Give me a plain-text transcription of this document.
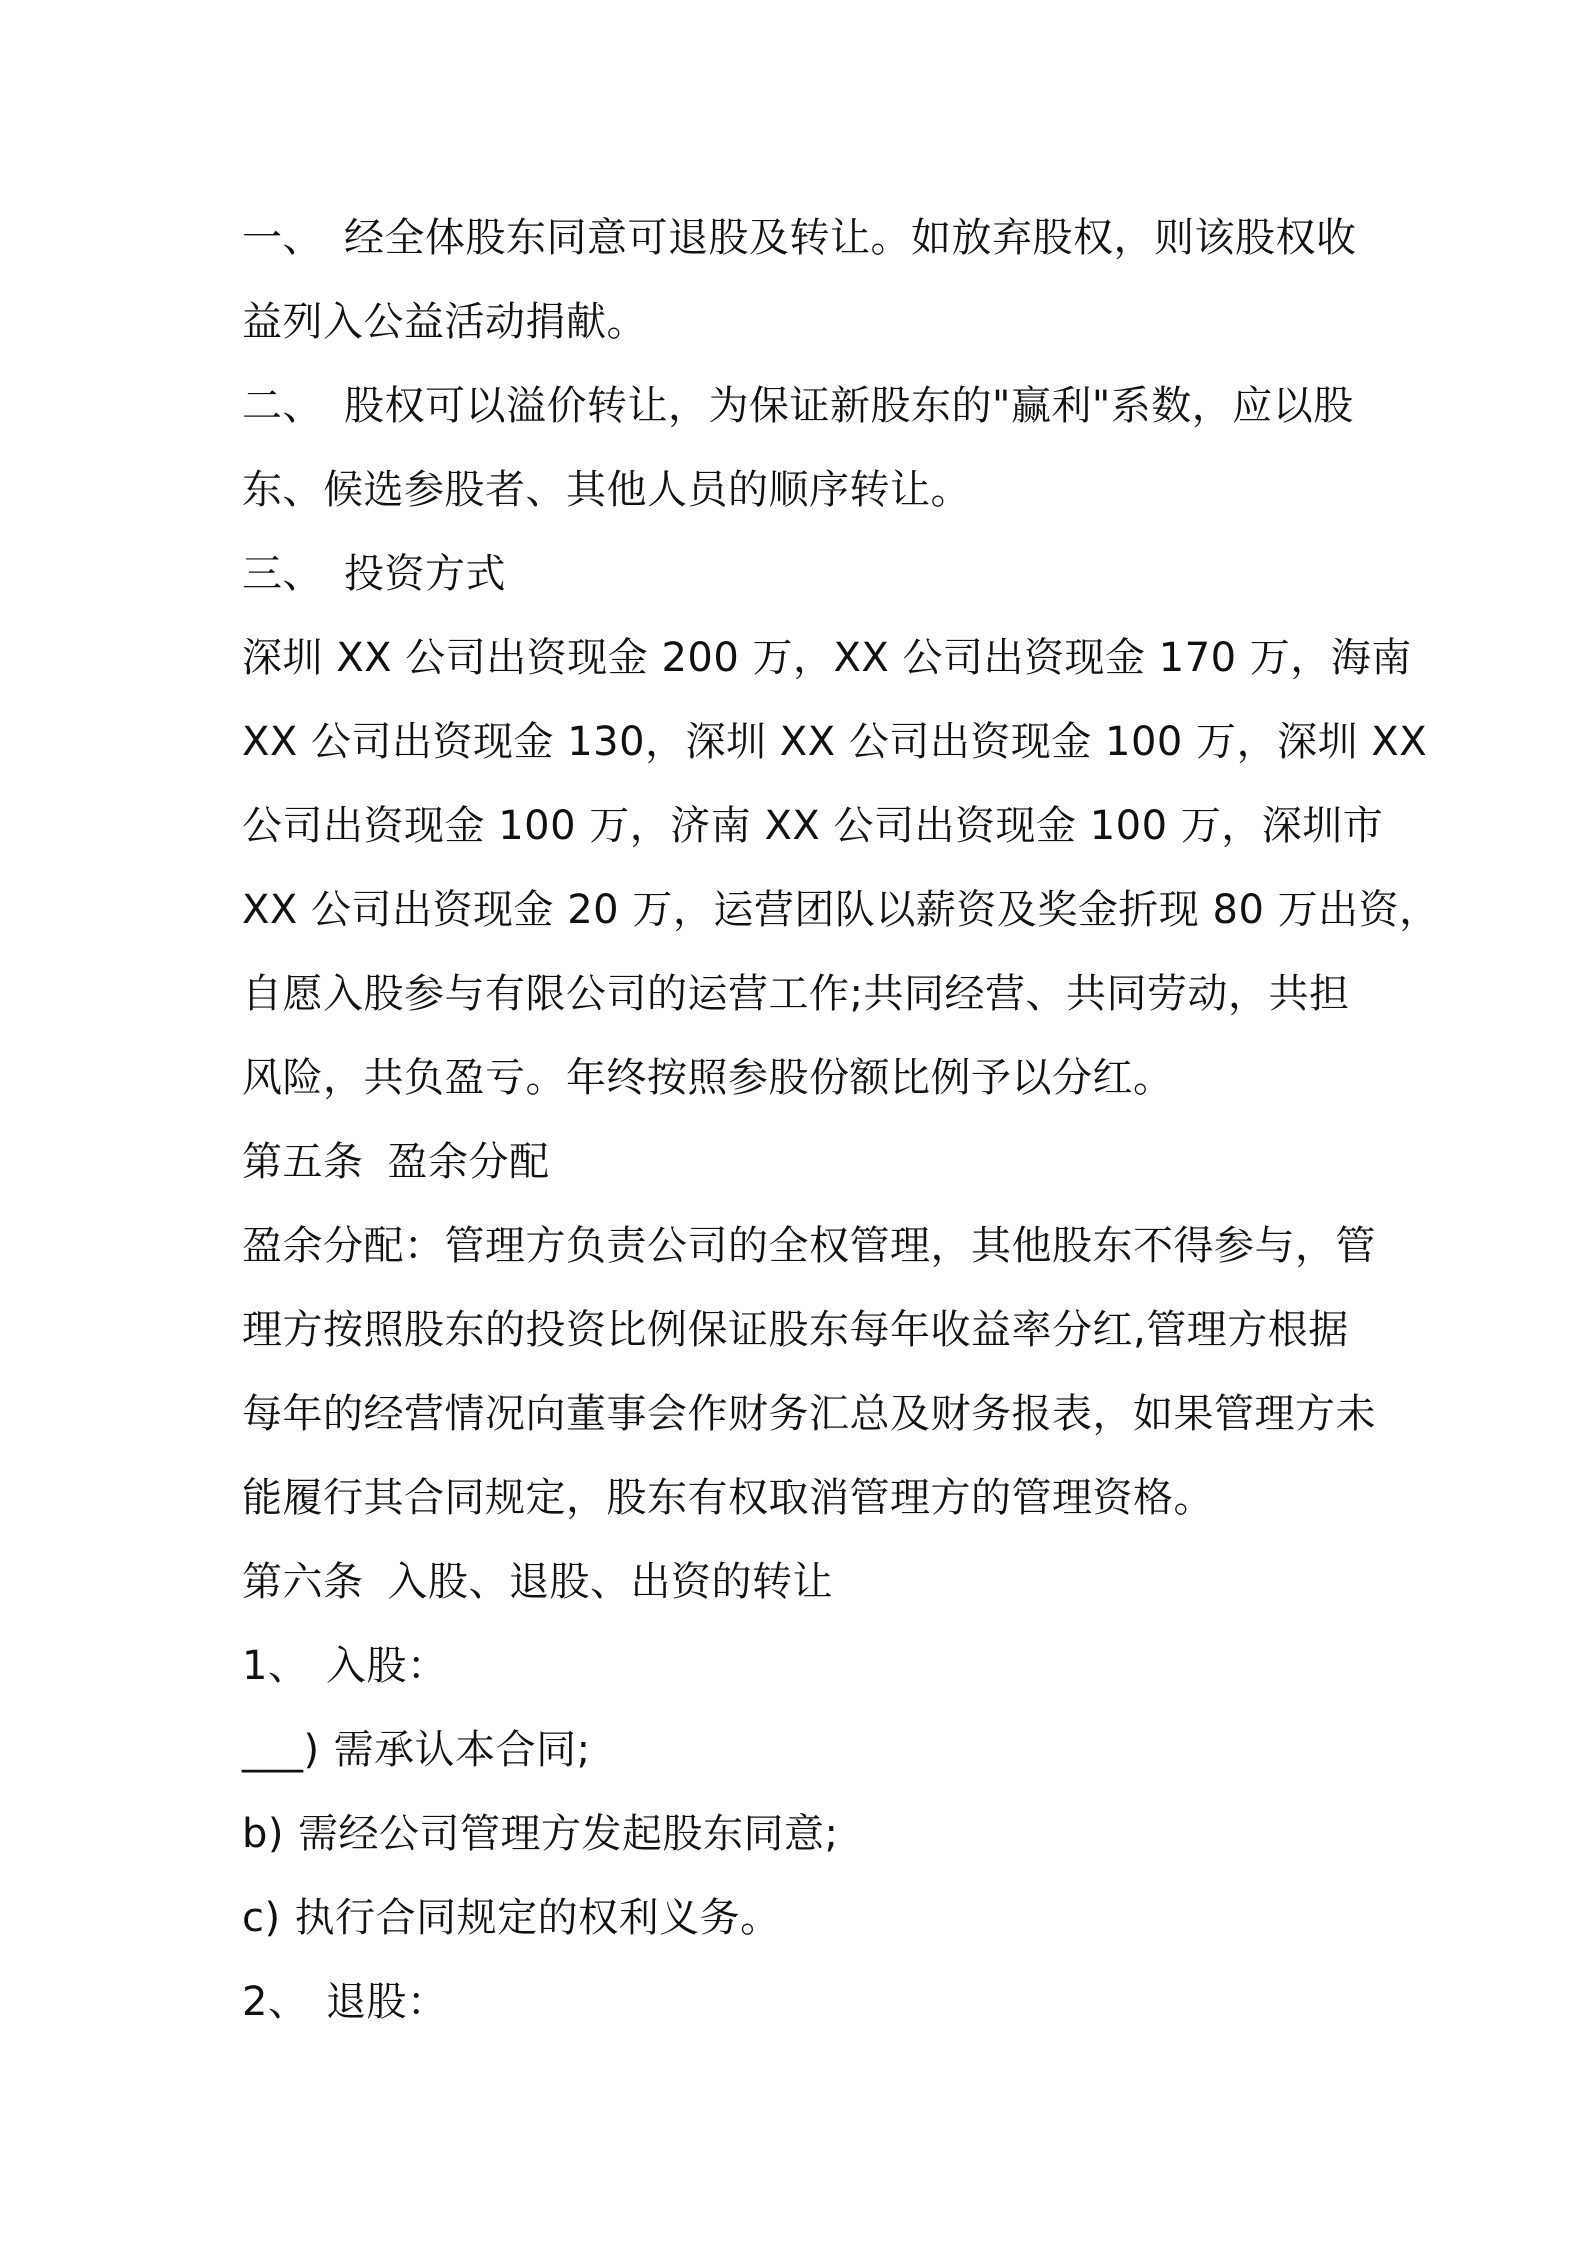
一、 经全体股东同意可退股及转让。如放弃股权，则该股权收
益列入公益活动捐献。
二、 股权可以溢价转让，为保证新股东的"赢利"系数，应以股
东、候选参股者、其他人员的顺序转让。
三、 投资方式
深圳 XX 公司出资现金 200 万，XX 公司出资现金 170 万，海南
XX 公司出资现金 130，深圳 XX 公司出资现金 100 万，深圳 XX
公司出资现金 100 万，济南 XX 公司出资现金 100 万，深圳市
XX 公司出资现金 20 万，运营团队以薪资及奖金折现 80 万出资，
自愿入股参与有限公司的运营工作;共同经营、共同劳动，共担
风险，共负盈亏。年终按照参股份额比例予以分红。
第五条 盈余分配
盈余分配：管理方负责公司的全权管理，其他股东不得参与，管
理方按照股东的投资比例保证股东每年收益率分红,管理方根据
每年的经营情况向董事会作财务汇总及财务报表，如果管理方未
能履行其合同规定，股东有权取消管理方的管理资格。
第六条 入股、退股、出资的转让
1、 入股：
___) 需承认本合同;
b) 需经公司管理方发起股东同意;
c) 执行合同规定的权利义务。
2、 退股：
